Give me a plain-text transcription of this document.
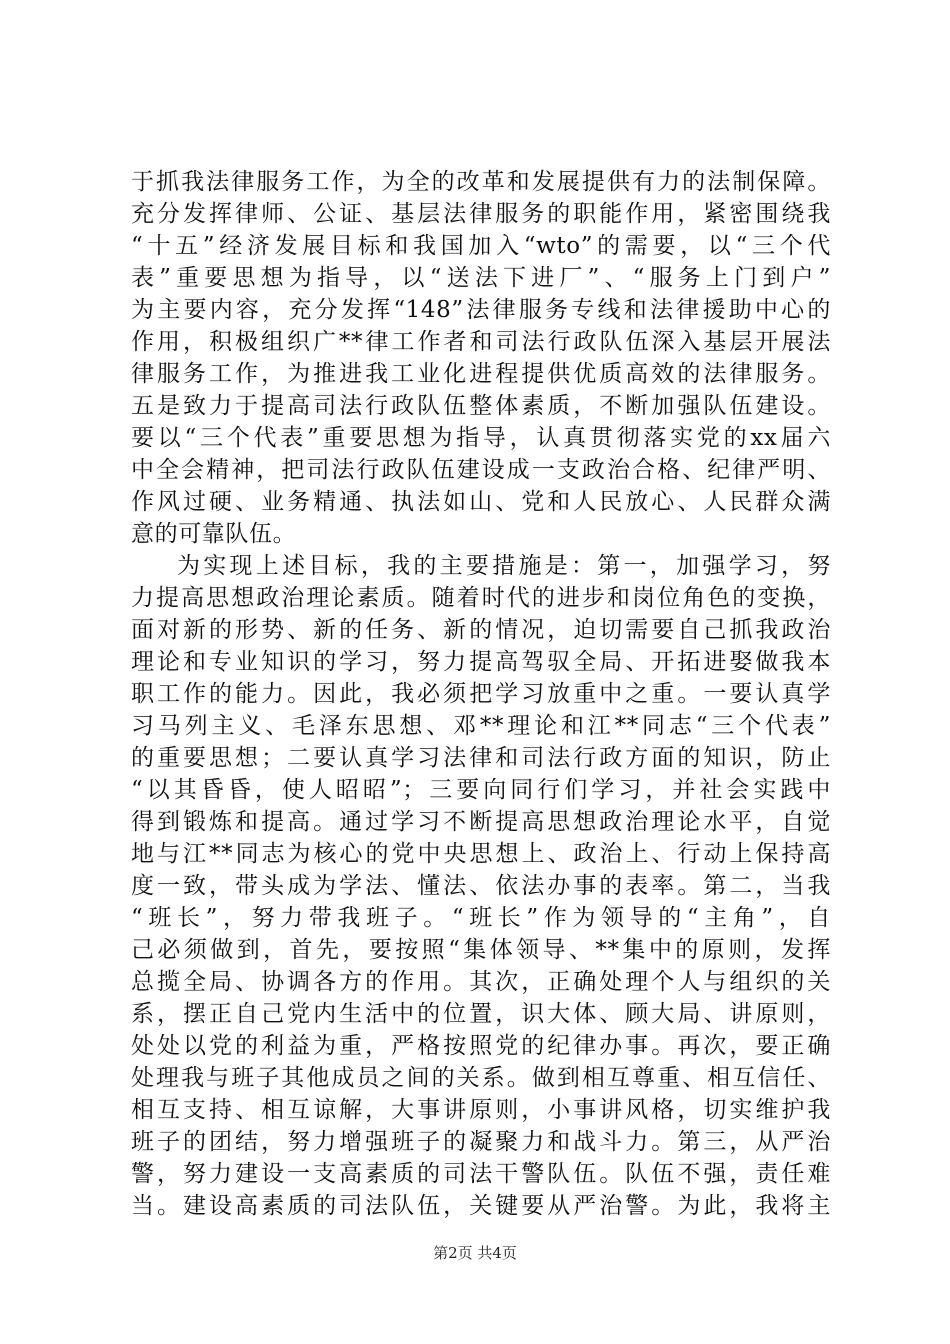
于抓我法律服务工作，为全的改革和发展提供有力的法制保障。
充分发挥律师、公证、基层法律服务的职能作用，紧密围绕我
“十五”经济发展目标和我国加入“wto”的需要，以“三个代
表”重要思想为指导，以“送法下进厂”、“服务上门到户”
为主要内容，充分发挥“148”法律服务专线和法律援助中心的
作用，积极组织广**律工作者和司法行政队伍深入基层开展法
律服务工作，为推进我工业化进程提供优质高效的法律服务。
五是致力于提高司法行政队伍整体素质，不断加强队伍建设。
要以“三个代表”重要思想为指导，认真贯彻落实党的xx届六
中全会精神，把司法行政队伍建设成一支政治合格、纪律严明、
作风过硬、业务精通、执法如山、党和人民放心、人民群众满
意的可靠队伍。
为实现上述目标，我的主要措施是：第一，加强学习，努
力提高思想政治理论素质。随着时代的进步和岗位角色的变换，
面对新的形势、新的任务、新的情况，迫切需要自己抓我政治
理论和专业知识的学习，努力提高驾驭全局、开拓进娶做我本
职工作的能力。因此，我必须把学习放重中之重。一要认真学
习马列主义、毛泽东思想、邓**理论和江**同志“三个代表”
的重要思想；二要认真学习法律和司法行政方面的知识，防止
“以其昏昏，使人昭昭”；三要向同行们学习，并社会实践中
得到锻炼和提高。通过学习不断提高思想政治理论水平，自觉
地与江**同志为核心的党中央思想上、政治上、行动上保持高
度一致，带头成为学法、懂法、依法办事的表率。第二，当我
“班长”，努力带我班子。“班长”作为领导的“主角”，自
己必须做到，首先，要按照“集体领导、**集中的原则，发挥
总揽全局、协调各方的作用。其次，正确处理个人与组织的关
系，摆正自己党内生活中的位置，识大体、顾大局、讲原则，
处处以党的利益为重，严格按照党的纪律办事。再次，要正确
处理我与班子其他成员之间的关系。做到相互尊重、相互信任、
相互支持、相互谅解，大事讲原则，小事讲风格，切实维护我
班子的团结，努力增强班子的凝聚力和战斗力。第三，从严治
警，努力建设一支高素质的司法干警队伍。队伍不强，责任难
当。建设高素质的司法队伍，关键要从严治警。为此，我将主
第2页 共4页
